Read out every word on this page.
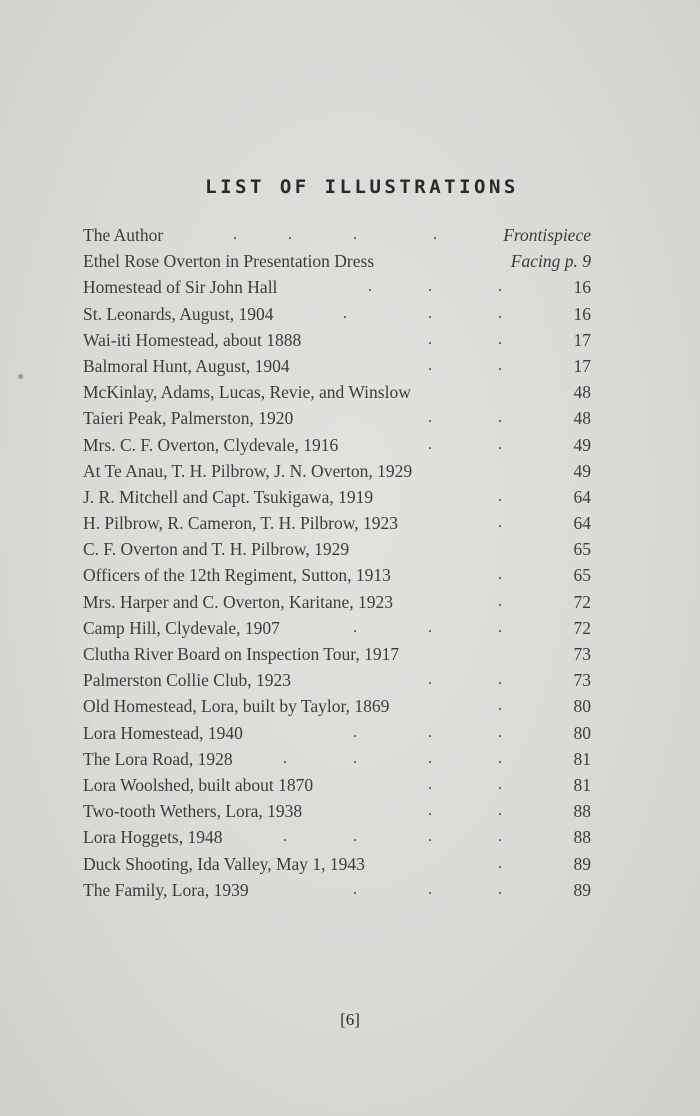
LIST OF ILLUSTRATIONS
.	.	.	.
The Author	Frontispiece
Ethel Rose Overton in Presentation Dress	Facing p. 9
.	.	.
Homestead of Sir John Hall	16
.	.	.
St. Leonards, August, 1904	16
.	.
Wai-iti Homestead, about 1888	17
.	.
Balmoral Hunt, August, 1904	17
McKinlay, Adams, Lucas, Revie, and Winslow	48
.	.
Taieri Peak, Palmerston, 1920	48
.	.
Mrs. C. F. Overton, Clydevale, 1916	49
At Te Anau, T. H. Pilbrow, J. N. Overton, 1929	49
.
J. R. Mitchell and Capt. Tsukigawa, 1919	64
.
H. Pilbrow, R. Cameron, T. H. Pilbrow, 1923	64
C. F. Overton and T. H. Pilbrow, 1929	65
.
Officers of the 12th Regiment, Sutton, 1913	65
.
Mrs. Harper and C. Overton, Karitane, 1923	72
.	.	.
Camp Hill, Clydevale, 1907	72
Clutha River Board on Inspection Tour, 1917	73
.	.
Palmerston Collie Club, 1923	73
.
Old Homestead, Lora, built by Taylor, 1869	80
.	.	.
Lora Homestead, 1940	80
.	.	.	.
The Lora Road, 1928	81
.	.
Lora Woolshed, built about 1870	81
.	.
Two-tooth Wethers, Lora, 1938	88
.	.	.	.
Lora Hoggets, 1948	88
.
Duck Shooting, Ida Valley, May 1, 1943	89
.	.	.
The Family, Lora, 1939	89
[6]
